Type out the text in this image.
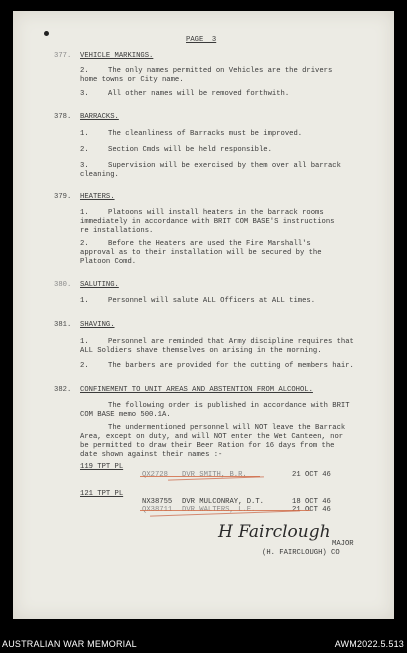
PAGE  3
377. VEHICLE MARKINGS.
2.	The only names permitted on Vehicles are the drivers
home towns or City name.
3.	All other names will be removed forthwith.
378. BARRACKS.
1.	The cleanliness of Barracks must be improved.
2.	Section Cmds will be held responsible.
3.	Supervision will be exercised by them over all barrack
cleaning.
379. HEATERS.
1.	Platoons will install heaters in the barrack rooms
immediately in accordance with BRIT COM BASE'S instructions
re installations.
2.	Before the Heaters are used the Fire Marshall's
approval as to their installation will be secured by the
Platoon Comd.
380. SALUTING.
1.	Personnel will salute ALL Officers at ALL times.
381. SHAVING.
1.	Personnel are reminded that Army discipline requires that
ALL Soldiers shave themselves on arising in the morning.
2.	The barbers are provided for the cutting of members hair.
382. CONFINEMENT TO UNIT AREAS AND ABSTENTION FROM ALCOHOL.
The following order is published in accordance with BRIT
COM BASE memo 500.1A.
The undermentioned personnel will NOT leave the Barrack
Area, except on duty, and will NOT enter the Wet Canteen, nor
be permitted to draw their Beer Ration for 16 days from the
date shown against their names :-
119 TPT PL
QX2728 DVR SMITH, B.R.	21 OCT 46
121 TPT PL
NX38755 DVR MULCONRAY, D.T.	18 OCT 46
QX38711 DVR WALTERS, L.E.	21 OCT 46
H Fairclough
MAJOR
(H. FAIRCLOUGH) CO
AUSTRALIAN WAR MEMORIAL	AWM2022.5.513
